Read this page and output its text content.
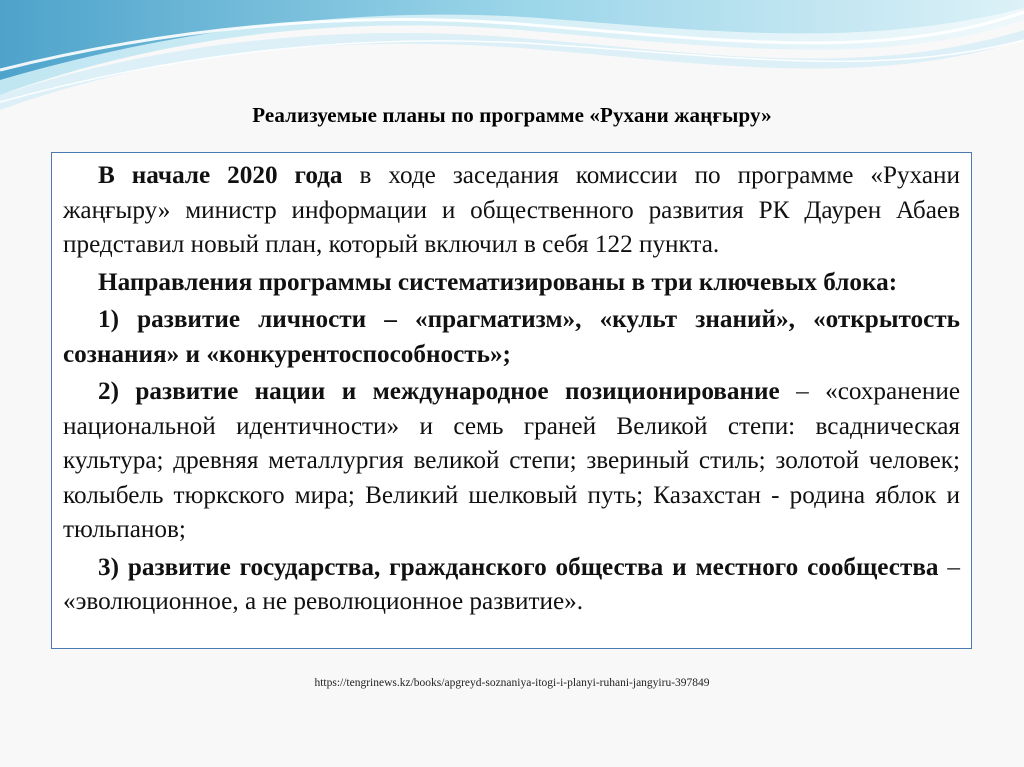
Реализуемые планы по программе «Рухани жаңғыру»

В начале 2020 года в ходе заседания комиссии по программе «Рухани жаңғыру» министр информации и общественного развития РК Даурен Абаев представил новый план, который включил в себя 122 пункта.

Направления программы систематизированы в три ключевых блока:

1) развитие личности – «прагматизм», «культ знаний», «открытость сознания» и «конкурентоспособность»;

2) развитие нации и международное позиционирование – «сохранение национальной идентичности» и семь граней Великой степи: всадническая культура; древняя металлургия великой степи; звериный стиль; золотой человек; колыбель тюркского мира; Великий шелковый путь; Казахстан - родина яблок и тюльпанов;

3) развитие государства, гражданского общества и местного сообщества – «эволюционное, а не революционное развитие».

https://tengrinews.kz/books/apgreyd-soznaniya-itogi-i-planyi-ruhani-jangyiru-397849
